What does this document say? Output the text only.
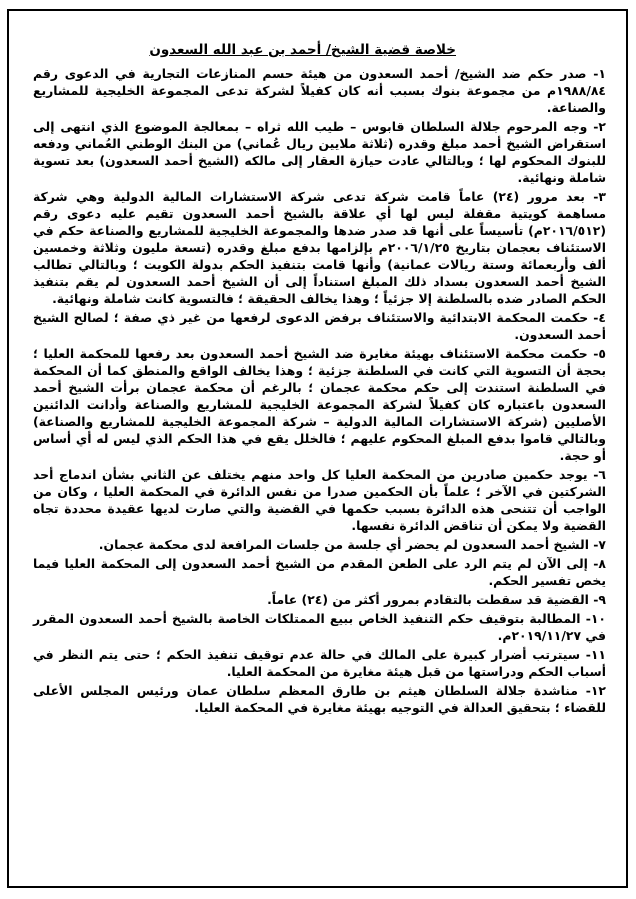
خلاصة قضية الشيخ/ أحمد بن عبد الله السعدون
١- صدر حكم ضد الشيخ/ أحمد السعدون من هيئة حسم المنازعات التجارية في الدعوى رقم ١٩٨٨/٨٤م من مجموعة بنوك بسبب أنه كان كفيلاً لشركة تدعى المجموعة الخليجية للمشاريع والصناعة.
٢- وجه المرحوم جلالة السلطان قابوس – طيب الله ثراه – بمعالجة الموضوع الذي انتهى إلى استقراض الشيخ أحمد مبلغ وقدره (ثلاثة ملايين ريال عُماني) من البنك الوطني العُماني ودفعه للبنوك المحكوم لها ؛ وبالتالي عادت حيازة العقار إلى مالكه (الشيخ أحمد السعدون) بعد تسوية شاملة ونهائية.
٣- بعد مرور (٢٤) عاماً قامت شركة تدعى شركة الاستشارات المالية الدولية وهي شركة مساهمة كويتية مقفلة ليس لها أي علاقة بالشيخ أحمد السعدون تقيم عليه دعوى رقم (٢٠١٦/٥١٢م) تأسيساً على أنها قد صدر ضدها والمجموعة الخليجية للمشاريع والصناعة حكم في الاستئناف بعجمان بتاريخ ٢٠٠٦/١/٢٥م بإلزامها بدفع مبلغ وقدره (تسعة مليون وثلاثة وخمسين ألف وأربعمائة وستة ريالات عمانية) وأنها قامت بتنفيذ الحكم بدولة الكويت ؛ وبالتالي تطالب الشيخ أحمد السعدون بسداد ذلك المبلغ استناداً إلى أن الشيخ أحمد السعدون لم يقم بتنفيذ الحكم الصادر ضده بالسلطنة إلا جزئياً ؛ وهذا يخالف الحقيقة ؛ فالتسوية كانت شاملة ونهائية.
٤- حكمت المحكمة الابتدائية والاستئناف برفض الدعوى لرفعها من غير ذي صفة ؛ لصالح الشيخ أحمد السعدون.
٥- حكمت محكمة الاستئناف بهيئة مغايرة ضد الشيخ أحمد السعدون بعد رفعها للمحكمة العليا ؛ بحجة أن التسوية التي كانت في السلطنة جزئية ؛ وهذا يخالف الواقع والمنطق كما أن المحكمة في السلطنة استندت إلى حكم محكمة عجمان ؛ بالرغم أن محكمة عجمان برأت الشيخ أحمد السعدون باعتباره كان كفيلاً لشركة المجموعة الخليجية للمشاريع والصناعة وأدانت الدائنين الأصليين (شركة الاستشارات المالية الدولية – شركة المجموعة الخليجية للمشاريع والصناعة) وبالتالي قاموا بدفع المبلغ المحكوم عليهم ؛ فالخلل يقع في هذا الحكم الذي ليس له أي أساس أو حجة.
٦- يوجد حكمين صادرين من المحكمة العليا كل واحد منهم يختلف عن الثاني بشأن اندماج أحد الشركتين في الآخر ؛ علماً بأن الحكمين صدرا من نفس الدائرة في المحكمة العليا ، وكان من الواجب أن تتنحى هذه الدائرة بسبب حكمها في القضية والتي صارت لديها عقيدة محددة تجاه القضية ولا يمكن أن تناقض الدائرة نفسها.
٧- الشيخ أحمد السعدون لم يحضر أي جلسة من جلسات المرافعة لدى محكمة عجمان.
٨- إلى الآن لم يتم الرد على الطعن المقدم من الشيخ أحمد السعدون إلى المحكمة العليا فيما يخص تفسير الحكم.
٩- القضية قد سقطت بالتقادم بمرور أكثر من (٢٤) عاماً.
١٠- المطالبة بتوقيف حكم التنفيذ الخاص ببيع الممتلكات الخاصة بالشيخ أحمد السعدون المقرر في ٢٠١٩/١١/٢٧م.
١١- سيترتب أضرار كبيرة على المالك في حالة عدم توقيف تنفيذ الحكم ؛ حتى يتم النظر في أسباب الحكم ودراستها من قبل هيئة مغايرة من المحكمة العليا.
١٢- مناشدة جلالة السلطان هيثم بن طارق المعظم سلطان عمان ورئيس المجلس الأعلى للقضاء ؛ بتحقيق العدالة في التوجيه بهيئة مغايرة في المحكمة العليا.
